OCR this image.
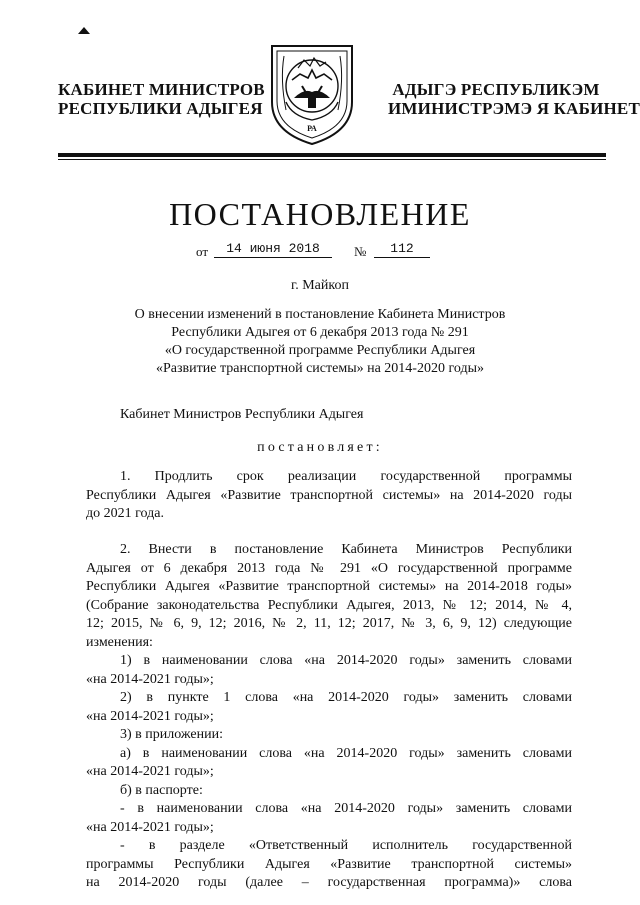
КАБИНЕТ МИНИСТРОВ
РЕСПУБЛИКИ АДЫГЕЯ
РА
АДЫГЭ РЕСПУБЛИКЭМ
ИМИНИСТРЭМЭ Я КАБИНЕТ
ПОСТАНОВЛЕНИЕ
от	14 июня 2018	№	112
г. Майкоп
О внесении изменений в постановление Кабинета Министров
Республики Адыгея от 6 декабря 2013 года № 291
«О государственной программе Республики Адыгея
«Развитие транспортной системы» на 2014-2020 годы»
Кабинет Министров Республики Адыгея
постановляет:
1. Продлить срок реализации государственной программы
Республики Адыгея «Развитие транспортной системы» на 2014-2020 годы
до 2021 года.
2. Внести в постановление Кабинета Министров Республики
Адыгея от 6 декабря 2013 года № 291 «О государственной программе
Республики Адыгея «Развитие транспортной системы» на 2014-2018 годы»
(Собрание законодательства Республики Адыгея, 2013, № 12; 2014, № 4,
12; 2015, № 6, 9, 12; 2016, № 2, 11, 12; 2017, № 3, 6, 9, 12) следующие
изменения:
1) в наименовании слова «на 2014-2020 годы» заменить словами
«на 2014-2021 годы»;
2) в пункте 1 слова «на 2014-2020 годы» заменить словами
«на 2014-2021 годы»;
3) в приложении:
а) в наименовании слова «на 2014-2020 годы» заменить словами
«на 2014-2021 годы»;
б) в паспорте:
- в наименовании слова «на 2014-2020 годы» заменить словами
«на 2014-2021 годы»;
- в разделе «Ответственный исполнитель государственной
программы Республики Адыгея «Развитие транспортной системы»
на 2014-2020 годы (далее – государственная программа)» слова
